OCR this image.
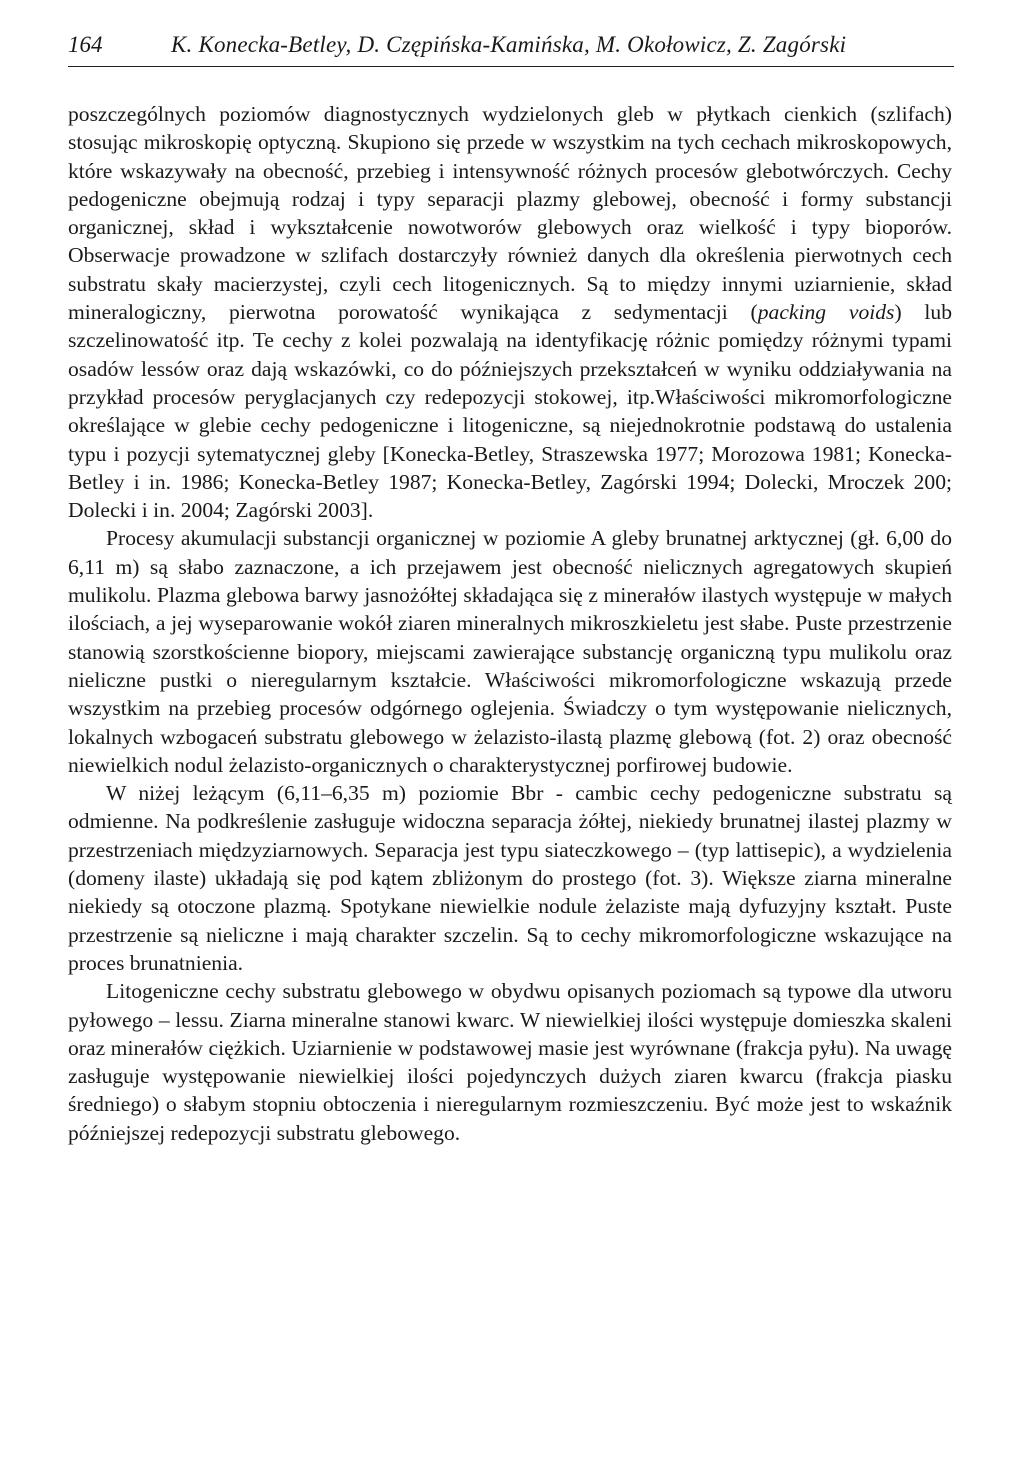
164	K. Konecka-Betley, D. Czępińska-Kamińska, M. Okołowicz, Z. Zagórski

poszczególnych poziomów diagnostycznych wydzielonych gleb w płytkach cienkich (szlifach) stosując mikroskopię optyczną. Skupiono się przede w wszystkim na tych cechach mikroskopowych, które wskazywały na obecność, przebieg i intensywność różnych procesów glebotwórczych. Cechy pedogeniczne obejmują rodzaj i typy separacji plazmy glebowej, obecność i formy substancji organicznej, skład i wykształcenie nowotworów glebowych oraz wielkość i typy bioporów. Obserwacje prowadzone w szlifach dostarczyły również danych dla określenia pierwotnych cech substratu skały macierzystej, czyli cech litogenicznych. Są to między innymi uziarnienie, skład mineralogiczny, pierwotna porowatość wynikająca z sedymentacji (packing voids) lub szczelinowatość itp. Te cechy z kolei pozwalają na identyfikację różnic pomiędzy różnymi typami osadów lessów oraz dają wskazówki, co do późniejszych przekształceń w wyniku oddziaływania na przykład procesów peryglacjanych czy redepozycji stokowej, itp.Właściwości mikromorfologiczne określające w glebie cechy pedogeniczne i litogeniczne, są niejednokrotnie podstawą do ustalenia typu i pozycji sytematycznej gleby [Konecka-Betley, Straszewska 1977; Morozowa 1981; Konecka-Betley i in. 1986; Konecka-Betley 1987; Konecka-Betley, Zagórski 1994; Dolecki, Mroczek 200; Dolecki i in. 2004; Zagórski 2003].

Procesy akumulacji substancji organicznej w poziomie A gleby brunatnej arktycznej (gł. 6,00 do 6,11 m) są słabo zaznaczone, a ich przejawem jest obecność nielicznych agregatowych skupień mulikolu. Plazma glebowa barwy jasnożółtej składająca się z minerałów ilastych występuje w małych ilościach, a jej wyseparowanie wokół ziaren mineralnych mikroszkieletu jest słabe. Puste przestrzenie stanowią szorstkościenne biopory, miejscami zawierające substancję organiczną typu mulikolu oraz nieliczne pustki o nieregularnym kształcie. Właściwości mikromorfologiczne wskazują przede wszystkim na przebieg procesów odgórnego oglejenia. Świadczy o tym występowanie nielicznych, lokalnych wzbogaceń substratu glebowego w żelazisto-ilastą plazmę glebową (fot. 2) oraz obecność niewielkich nodul żelazisto-organicznych o charakterystycznej porfirowej budowie.

W niżej leżącym (6,11–6,35 m) poziomie Bbr - cambic cechy pedogeniczne substratu są odmienne. Na podkreślenie zasługuje widoczna separacja żółtej, niekiedy brunatnej ilastej plazmy w przestrzeniach międzyziarnowych. Separacja jest typu siateczkowego – (typ lattisepic), a wydzielenia (domeny ilaste) układają się pod kątem zbliżonym do prostego (fot. 3). Większe ziarna mineralne niekiedy są otoczone plazmą. Spotykane niewielkie nodule żelaziste mają dyfuzyjny kształt. Puste przestrzenie są nieliczne i mają charakter szczelin. Są to cechy mikromorfologiczne wskazujące na proces brunatnienia.

Litogeniczne cechy substratu glebowego w obydwu opisanych poziomach są typowe dla utworu pyłowego – lessu. Ziarna mineralne stanowi kwarc. W niewielkiej ilości występuje domieszka skaleni oraz minerałów ciężkich. Uziarnienie w podstawowej masie jest wyrównane (frakcja pyłu). Na uwagę zasługuje występowanie niewielkiej ilości pojedynczych dużych ziaren kwarcu (frakcja piasku średniego) o słabym stopniu obtoczenia i nieregularnym rozmieszczeniu. Być może jest to wskaźnik późniejszej redepozycji substratu glebowego.
